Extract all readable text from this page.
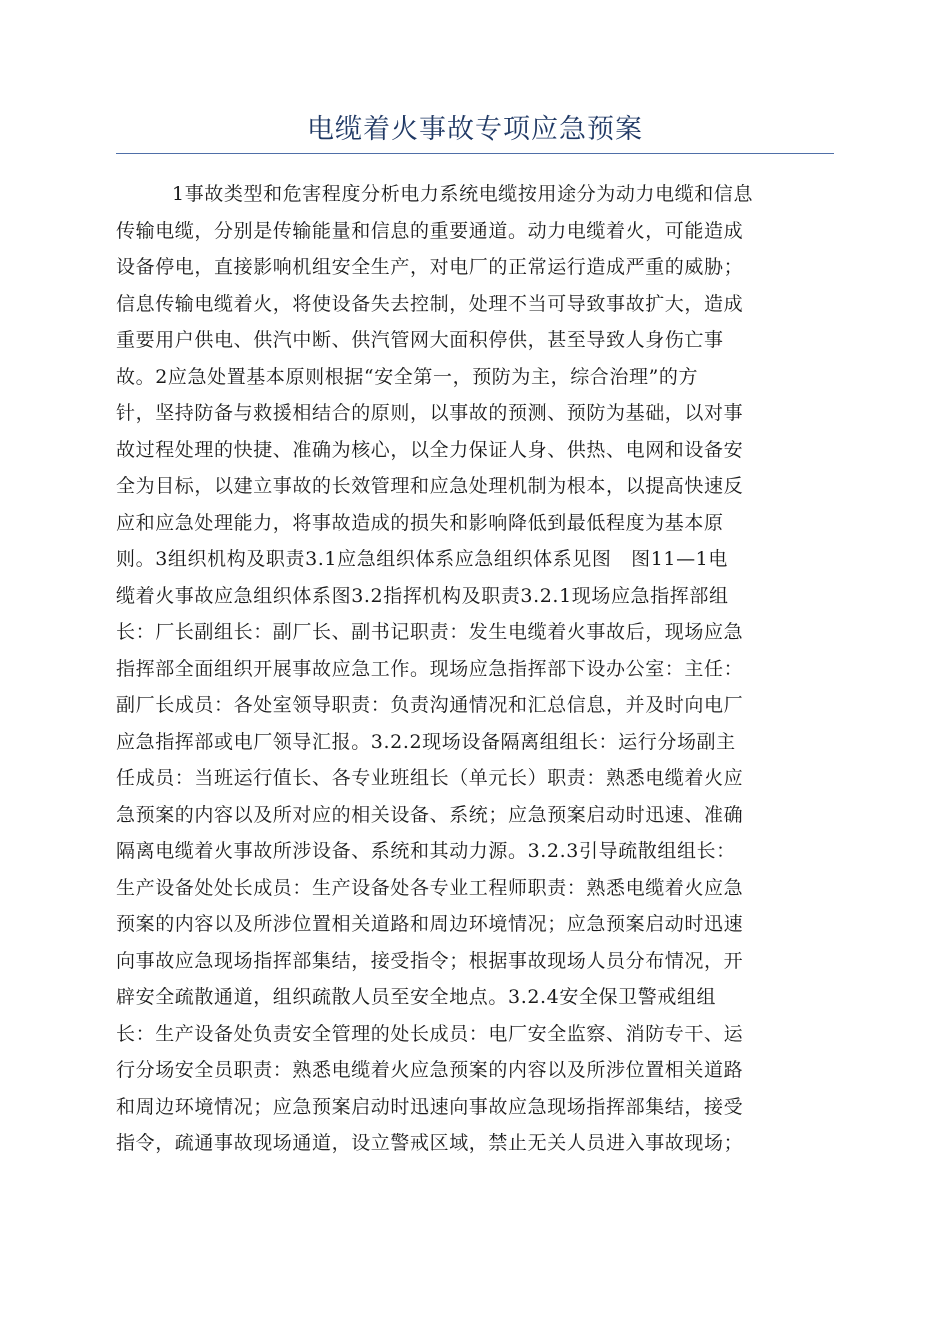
电缆着火事故专项应急预案
1事故类型和危害程度分析电力系统电缆按用途分为动力电缆和信息
传输电缆，分别是传输能量和信息的重要通道。动力电缆着火，可能造成
设备停电，直接影响机组安全生产，对电厂的正常运行造成严重的威胁；
信息传输电缆着火，将使设备失去控制，处理不当可导致事故扩大，造成
重要用户供电、供汽中断、供汽管网大面积停供，甚至导致人身伤亡事
故。2应急处置基本原则根据“安全第一，预防为主，综合治理”的方
针，坚持防备与救援相结合的原则，以事故的预测、预防为基础，以对事
故过程处理的快捷、准确为核心，以全力保证人身、供热、电网和设备安
全为目标，以建立事故的长效管理和应急处理机制为根本，以提高快速反
应和应急处理能力，将事故造成的损失和影响降低到最低程度为基本原
则。3组织机构及职责3.1应急组织体系应急组织体系见图　图11—1电
缆着火事故应急组织体系图3.2指挥机构及职责3.2.1现场应急指挥部组
长：厂长副组长：副厂长、副书记职责：发生电缆着火事故后，现场应急
指挥部全面组织开展事故应急工作。现场应急指挥部下设办公室：主任：
副厂长成员：各处室领导职责：负责沟通情况和汇总信息，并及时向电厂
应急指挥部或电厂领导汇报。3.2.2现场设备隔离组组长：运行分场副主
任成员：当班运行值长、各专业班组长（单元长）职责：熟悉电缆着火应
急预案的内容以及所对应的相关设备、系统；应急预案启动时迅速、准确
隔离电缆着火事故所涉设备、系统和其动力源。3.2.3引导疏散组组长：
生产设备处处长成员：生产设备处各专业工程师职责：熟悉电缆着火应急
预案的内容以及所涉位置相关道路和周边环境情况；应急预案启动时迅速
向事故应急现场指挥部集结，接受指令；根据事故现场人员分布情况，开
辟安全疏散通道，组织疏散人员至安全地点。3.2.4安全保卫警戒组组
长：生产设备处负责安全管理的处长成员：电厂安全监察、消防专干、运
行分场安全员职责：熟悉电缆着火应急预案的内容以及所涉位置相关道路
和周边环境情况；应急预案启动时迅速向事故应急现场指挥部集结，接受
指令，疏通事故现场通道，设立警戒区域，禁止无关人员进入事故现场；
